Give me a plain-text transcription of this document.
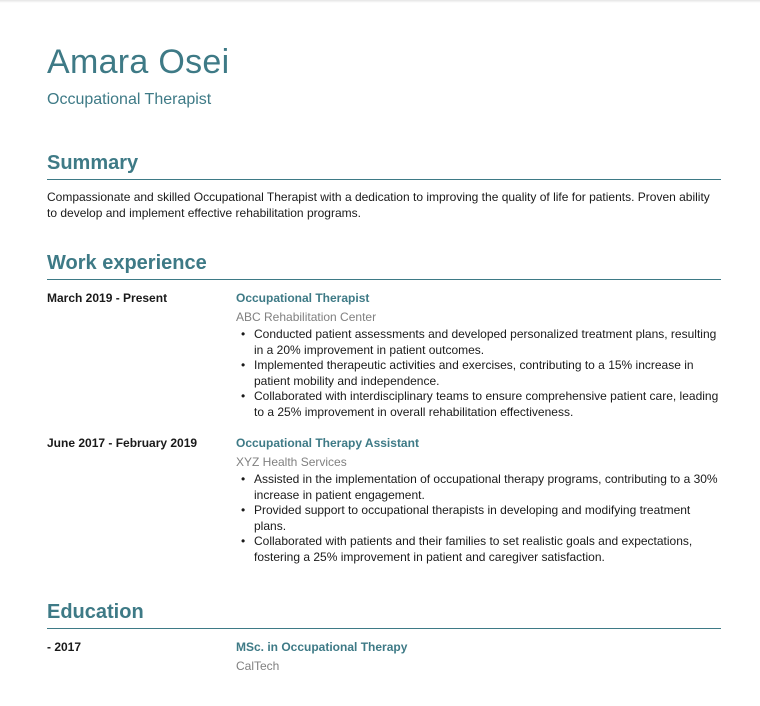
Amara Osei
Occupational Therapist
Summary

Compassionate and skilled Occupational Therapist with a dedication to improving the quality of life for patients. Proven ability to develop and implement effective rehabilitation programs.

Work experience
March 2019 - Present	Occupational Therapist
ABC Rehabilitation Center
• Conducted patient assessments and developed personalized treatment plans, resulting in a 20% improvement in patient outcomes.
• Implemented therapeutic activities and exercises, contributing to a 15% increase in patient mobility and independence.
• Collaborated with interdisciplinary teams to ensure comprehensive patient care, leading to a 25% improvement in overall rehabilitation effectiveness.
June 2017 - February 2019	Occupational Therapy Assistant
XYZ Health Services
• Assisted in the implementation of occupational therapy programs, contributing to a 30% increase in patient engagement.
• Provided support to occupational therapists in developing and modifying treatment plans.
• Collaborated with patients and their families to set realistic goals and expectations, fostering a 25% improvement in patient and caregiver satisfaction.
Education
- 2017	MSc. in Occupational Therapy
CalTech
